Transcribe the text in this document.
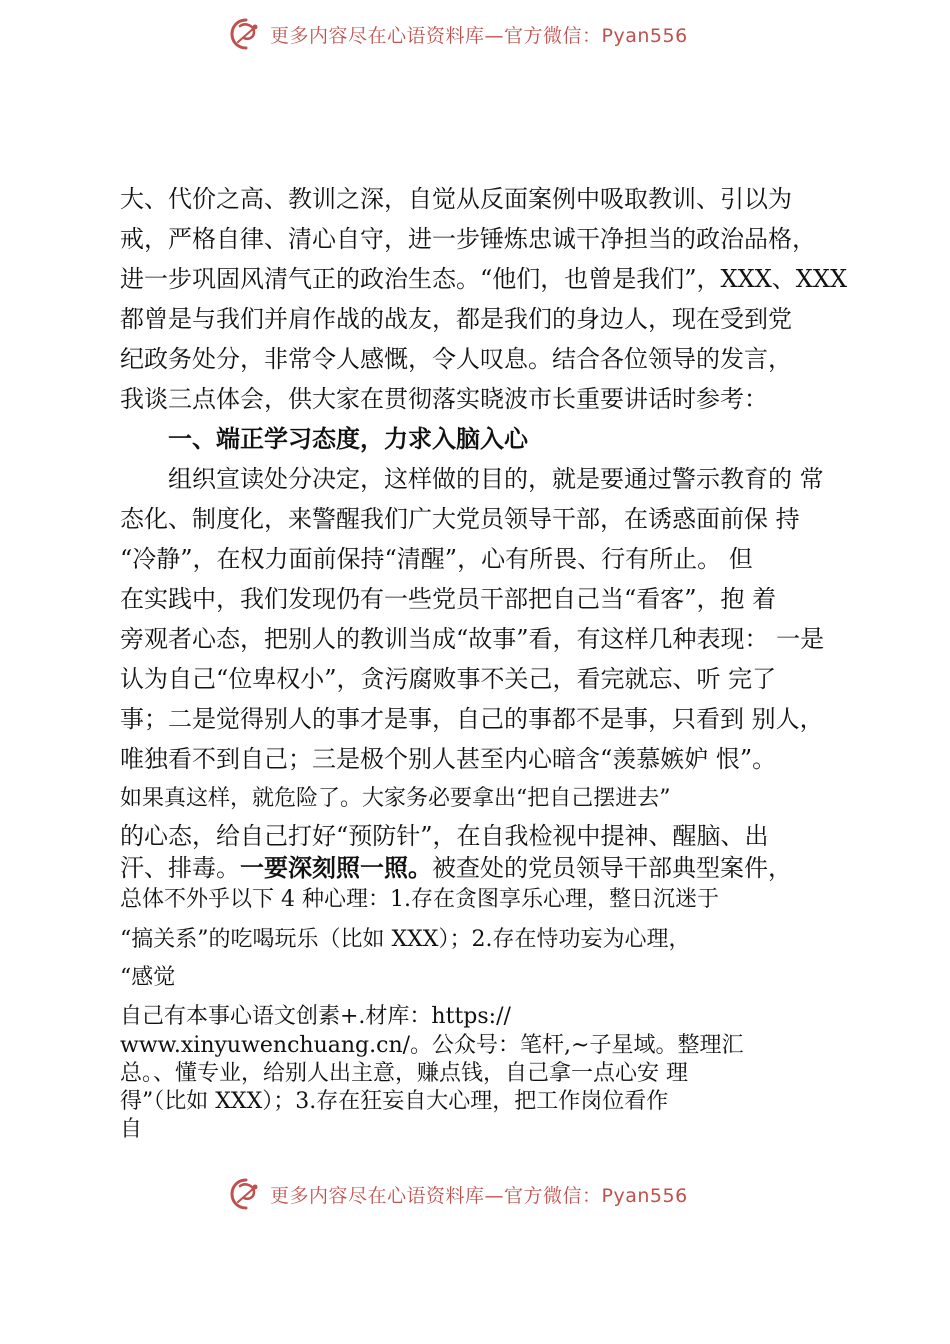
更多内容尽在心语资料库—官方微信：Pyan556
大、代价之高、教训之深，自觉从反面案例中吸取教训、引以为
戒，严格自律、清心自守，进一步锤炼忠诚干净担当的政治品格，
进一步巩固风清气正的政治生态。“他们，也曾是我们”，XXX、XXX
都曾是与我们并肩作战的战友，都是我们的身边人，现在受到党
纪政务处分，非常令人感慨，令人叹息。结合各位领导的发言，
我谈三点体会，供大家在贯彻落实晓波市长重要讲话时参考：
一、端正学习态度，力求入脑入心
组织宣读处分决定，这样做的目的，就是要通过警示教育的 常
态化、制度化，来警醒我们广大党员领导干部，在诱惑面前保 持
“冷静”，在权力面前保持“清醒”，心有所畏、行有所止。 但
在实践中，我们发现仍有一些党员干部把自己当“看客”，抱 着
旁观者心态，把别人的教训当成“故事”看，有这样几种表现： 一是
认为自己“位卑权小”，贪污腐败事不关己，看完就忘、听 完了
事；二是觉得别人的事才是事，自己的事都不是事，只看到 别人，
唯独看不到自己；三是极个别人甚至内心暗含“羡慕嫉妒 恨”。
如果真这样，就危险了。大家务必要拿出“把自己摆进去”
的心态，给自己打好“预防针”，在自我检视中提神、醒脑、出
汗、排毒。一要深刻照一照。被查处的党员领导干部典型案件，
总体不外乎以下 4 种心理：1.存在贪图享乐心理，整日沉迷于
“搞关系”的吃喝玩乐（比如 XXX）；2.存在恃功妄为心理，
“感觉
自己有本事心语文创素+.材库：https://
www.xinyuwenchuang.cn/。公众号：笔杆,~子星域。整理汇
总。、懂专业，给别人出主意，赚点钱，自己拿一点心安 理
得”（比如 XXX）；3.存在狂妄自大心理，把工作岗位看作
自
更多内容尽在心语资料库—官方微信：Pyan556
